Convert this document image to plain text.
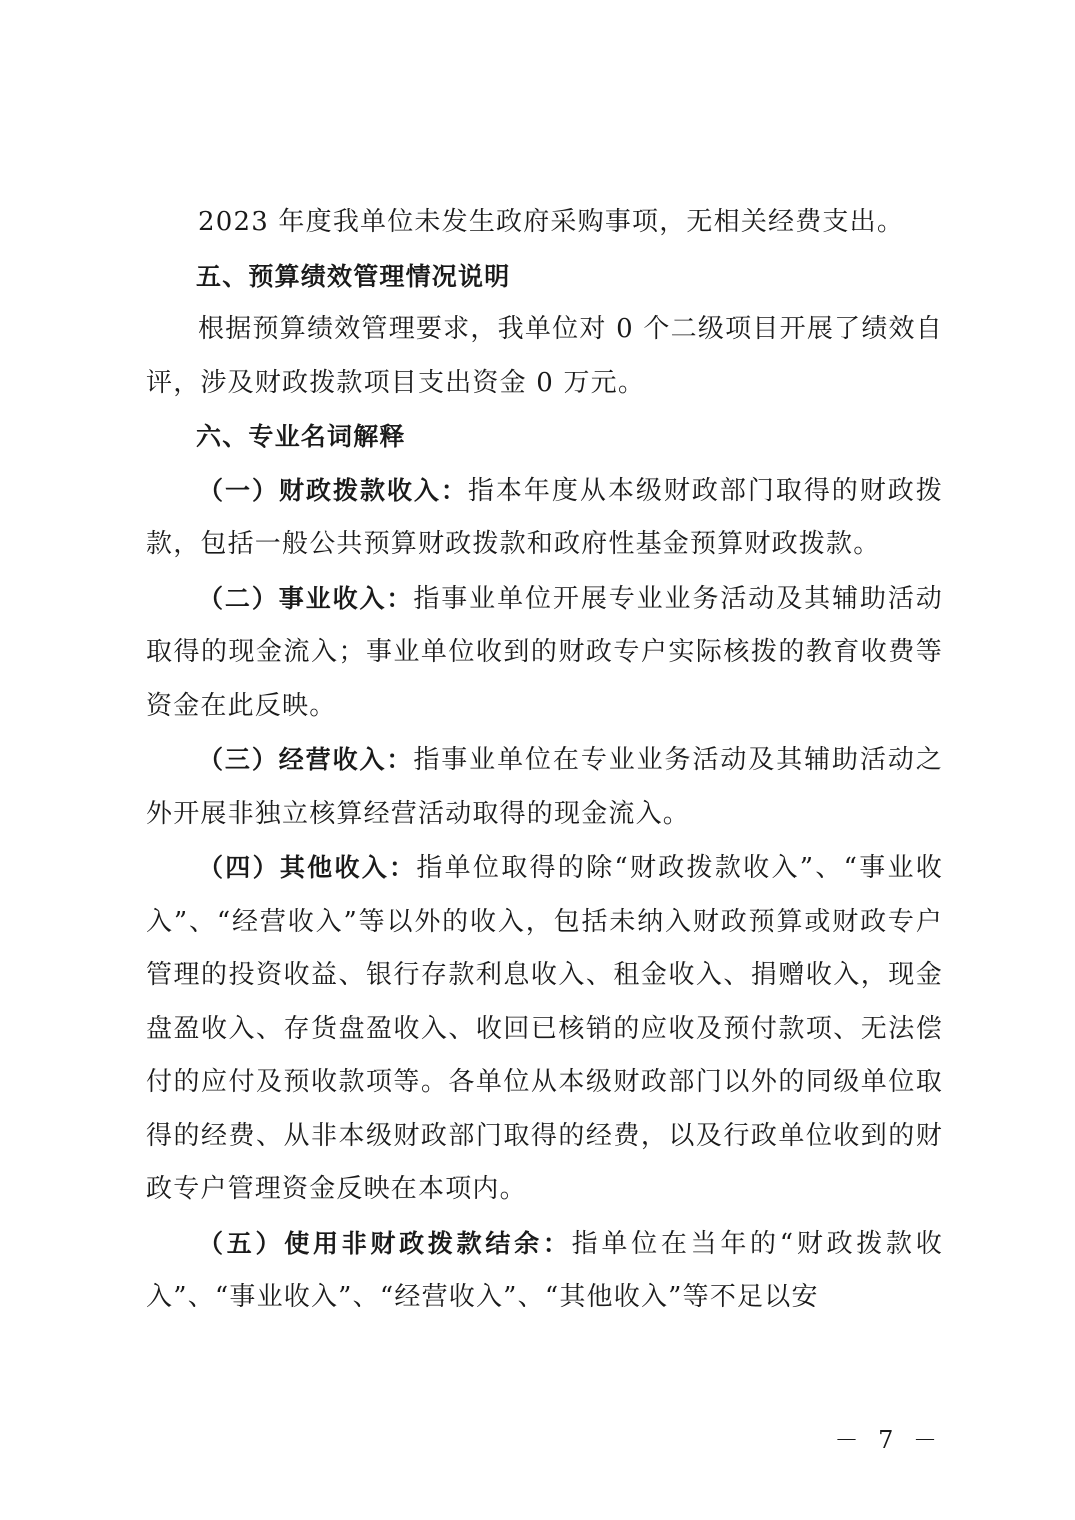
2023 年度我单位未发生政府采购事项，无相关经费支出。

五、预算绩效管理情况说明

根据预算绩效管理要求，我单位对 0 个二级项目开展了绩效自评，涉及财政拨款项目支出资金 0 万元。

六、专业名词解释

（一）财政拨款收入：指本年度从本级财政部门取得的财政拨款，包括一般公共预算财政拨款和政府性基金预算财政拨款。

（二）事业收入：指事业单位开展专业业务活动及其辅助活动取得的现金流入；事业单位收到的财政专户实际核拨的教育收费等资金在此反映。

（三）经营收入：指事业单位在专业业务活动及其辅助活动之外开展非独立核算经营活动取得的现金流入。

（四）其他收入：指单位取得的除“财政拨款收入”、“事业收入”、“经营收入”等以外的收入，包括未纳入财政预算或财政专户管理的投资收益、银行存款利息收入、租金收入、捐赠收入，现金盘盈收入、存货盘盈收入、收回已核销的应收及预付款项、无法偿付的应付及预收款项等。各单位从本级财政部门以外的同级单位取得的经费、从非本级财政部门取得的经费，以及行政单位收到的财政专户管理资金反映在本项内。

（五）使用非财政拨款结余：指单位在当年的“财政拨款收入”、“事业收入”、“经营收入”、“其他收入”等不足以安

－ 7 －
